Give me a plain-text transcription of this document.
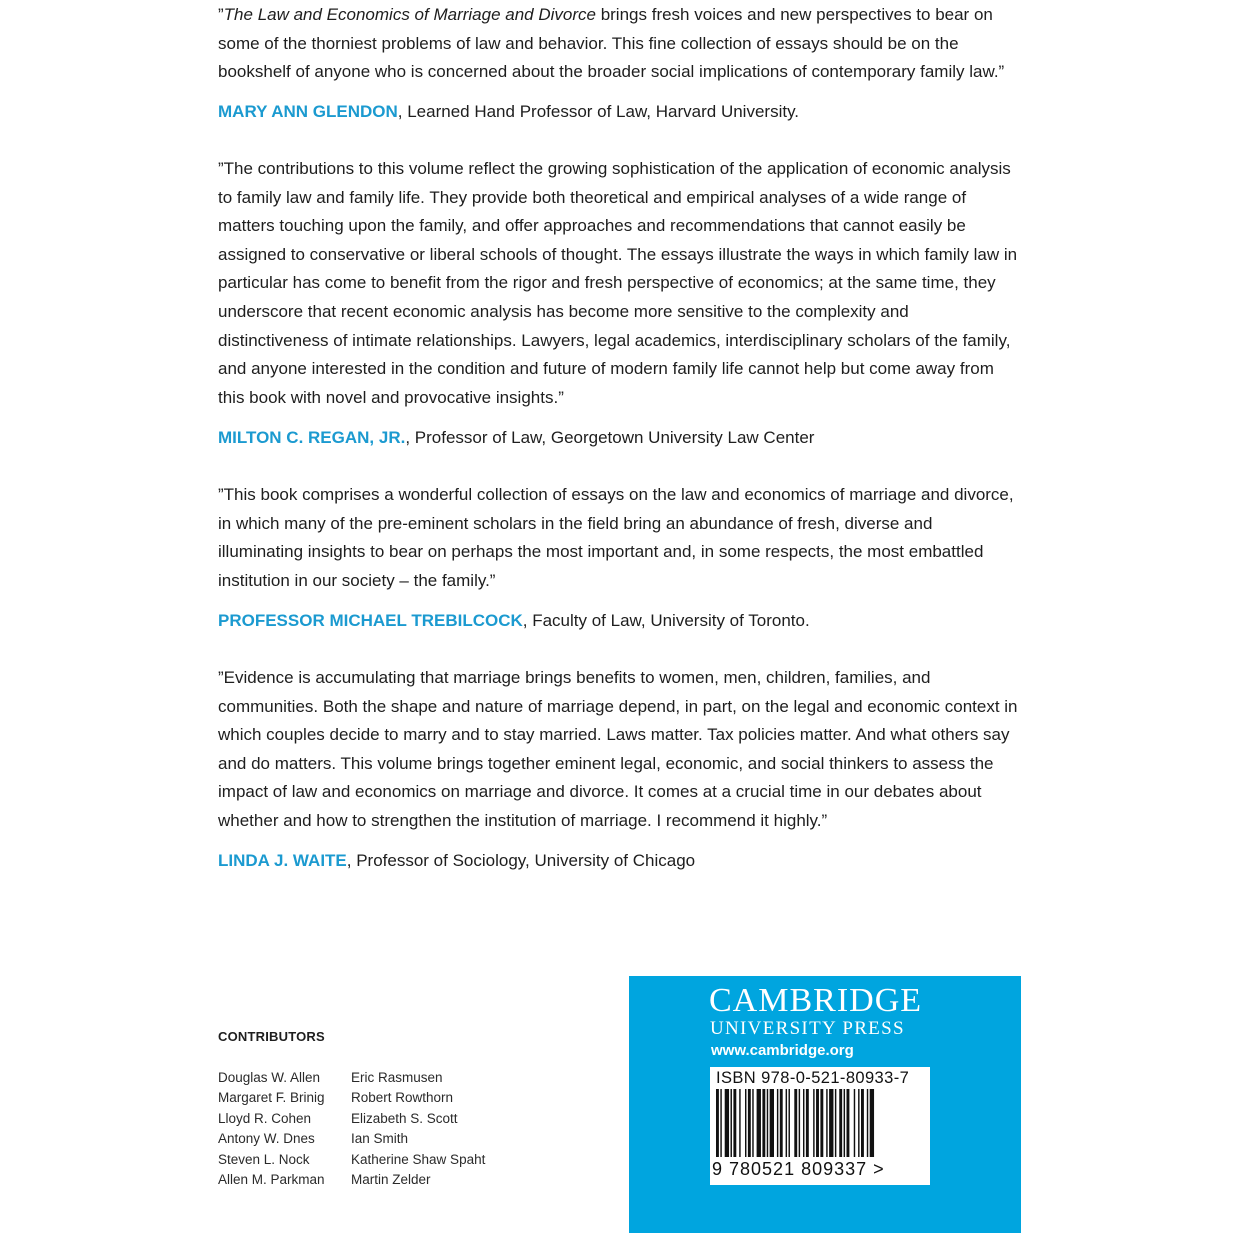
”The Law and Economics of Marriage and Divorce brings fresh voices and new perspectives to bear on some of the thorniest problems of law and behavior. This fine collection of essays should be on the bookshelf of anyone who is concerned about the broader social implications of contemporary family law.”

MARY ANN GLENDON, Learned Hand Professor of Law, Harvard University.

”The contributions to this volume reflect the growing sophistication of the application of economic analysis to family law and family life. They provide both theoretical and empirical analyses of a wide range of matters touching upon the family, and offer approaches and recommendations that cannot easily be assigned to conservative or liberal schools of thought. The essays illustrate the ways in which family law in particular has come to benefit from the rigor and fresh perspective of economics; at the same time, they underscore that recent economic analysis has become more sensitive to the complexity and distinctiveness of intimate relationships. Lawyers, legal academics, interdisciplinary scholars of the family, and anyone interested in the condition and future of modern family life cannot help but come away from this book with novel and provocative insights.”

MILTON C. REGAN, JR., Professor of Law, Georgetown University Law Center

”This book comprises a wonderful collection of essays on the law and economics of marriage and divorce, in which many of the pre-eminent scholars in the field bring an abundance of fresh, diverse and illuminating insights to bear on perhaps the most important and, in some respects, the most embattled institution in our society – the family.”

PROFESSOR MICHAEL TREBILCOCK, Faculty of Law, University of Toronto.

”Evidence is accumulating that marriage brings benefits to women, men, children, families, and communities. Both the shape and nature of marriage depend, in part, on the legal and economic context in which couples decide to marry and to stay married. Laws matter. Tax policies matter. And what others say and do matters. This volume brings together eminent legal, economic, and social thinkers to assess the impact of law and economics on marriage and divorce. It comes at a crucial time in our debates about whether and how to strengthen the institution of marriage. I recommend it highly.”

LINDA J. WAITE, Professor of Sociology, University of Chicago

CONTRIBUTORS
Douglas W. Allen
Margaret F. Brinig
Lloyd R. Cohen
Antony W. Dnes
Steven L. Nock
Allen M. Parkman
Eric Rasmusen
Robert Rowthorn
Elizabeth S. Scott
Ian Smith
Katherine Shaw Spaht
Martin Zelder
CAMBRIDGE
UNIVERSITY PRESS
www.cambridge.org
ISBN 978-0-521-80933-7
9 780521 809337 >
